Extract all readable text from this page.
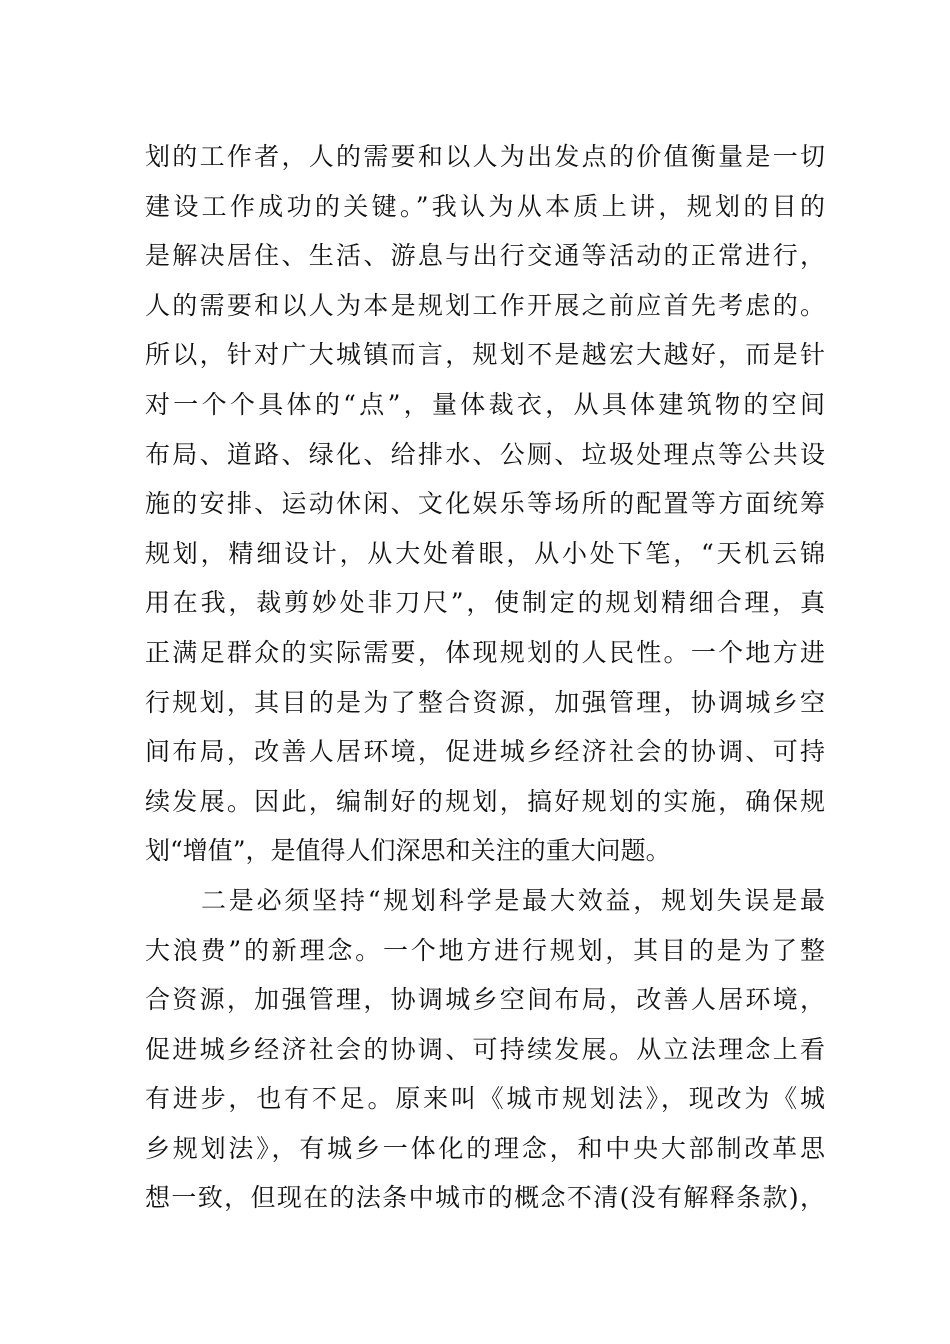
划的工作者，人的需要和以人为出发点的价值衡量是一切
建设工作成功的关键。”我认为从本质上讲，规划的目的
是解决居住、生活、游息与出行交通等活动的正常进行，
人的需要和以人为本是规划工作开展之前应首先考虑的。
所以，针对广大城镇而言，规划不是越宏大越好，而是针
对一个个具体的“点”，量体裁衣，从具体建筑物的空间
布局、道路、绿化、给排水、公厕、垃圾处理点等公共设
施的安排、运动休闲、文化娱乐等场所的配置等方面统筹
规划，精细设计，从大处着眼，从小处下笔，“天机云锦
用在我，裁剪妙处非刀尺”，使制定的规划精细合理，真
正满足群众的实际需要，体现规划的人民性。一个地方进
行规划，其目的是为了整合资源，加强管理，协调城乡空
间布局，改善人居环境，促进城乡经济社会的协调、可持
续发展。因此，编制好的规划，搞好规划的实施，确保规
划“增值”，是值得人们深思和关注的重大问题。
二是必须坚持“规划科学是最大效益，规划失误是最
大浪费”的新理念。一个地方进行规划，其目的是为了整
合资源，加强管理，协调城乡空间布局，改善人居环境，
促进城乡经济社会的协调、可持续发展。从立法理念上看
有进步，也有不足。原来叫《城市规划法》，现改为《城
乡规划法》，有城乡一体化的理念，和中央大部制改革思
想一致，但现在的法条中城市的概念不清(没有解释条款)，
